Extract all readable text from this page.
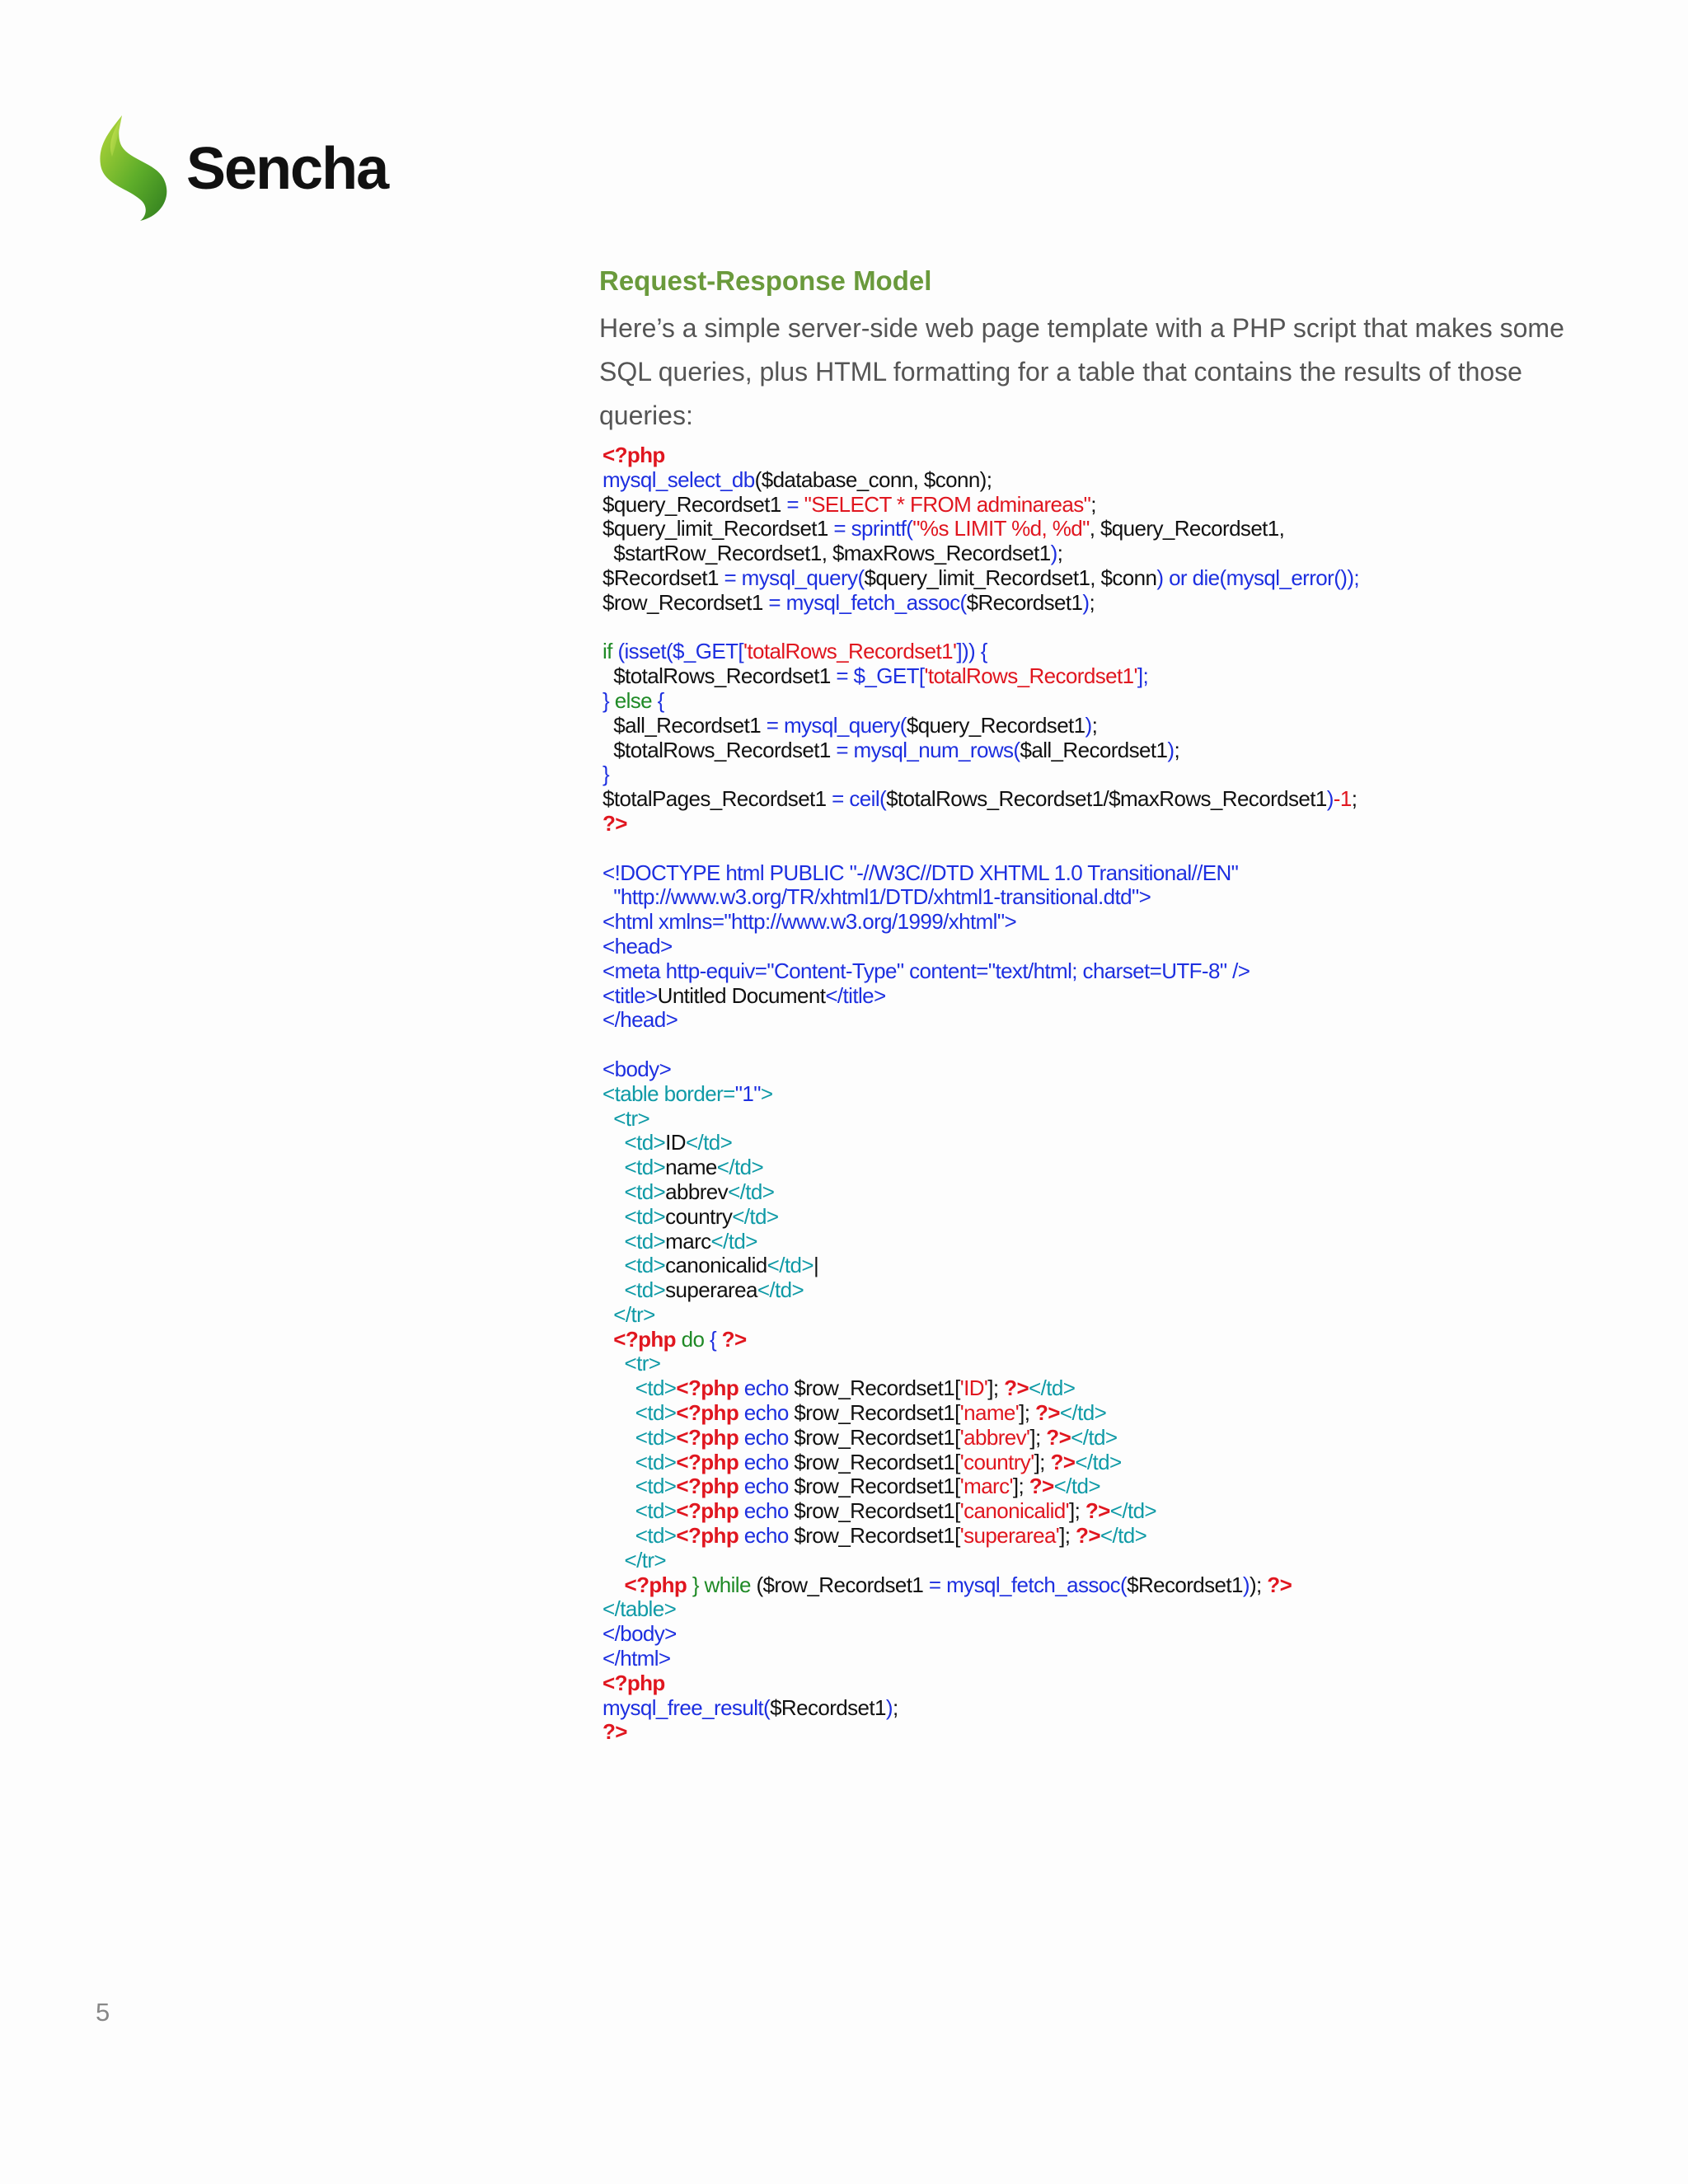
Sencha
Request-Response Model
Here’s a simple server-side web page template with a PHP script that makes some SQL queries, plus HTML formatting for a table that contains the results of those queries:
<?php
mysql_select_db($database_conn, $conn);
$query_Recordset1 = "SELECT * FROM adminareas";
$query_limit_Recordset1 = sprintf("%s LIMIT %d, %d", $query_Recordset1,
$startRow_Recordset1, $maxRows_Recordset1);
$Recordset1 = mysql_query($query_limit_Recordset1, $conn) or die(mysql_error());
$row_Recordset1 = mysql_fetch_assoc($Recordset1);
if (isset($_GET['totalRows_Recordset1'])) {
$totalRows_Recordset1 = $_GET['totalRows_Recordset1'];
} else {
$all_Recordset1 = mysql_query($query_Recordset1);
$totalRows_Recordset1 = mysql_num_rows($all_Recordset1);
}
$totalPages_Recordset1 = ceil($totalRows_Recordset1/$maxRows_Recordset1)-1;
?>
<!DOCTYPE html PUBLIC "-//W3C//DTD XHTML 1.0 Transitional//EN"
"http://www.w3.org/TR/xhtml1/DTD/xhtml1-transitional.dtd">
<html xmlns="http://www.w3.org/1999/xhtml">
<head>
<meta http-equiv="Content-Type" content="text/html; charset=UTF-8" />
<title>Untitled Document</title>
</head>
<body>
<table border="1">
<tr>
<td>ID</td>
<td>name</td>
<td>abbrev</td>
<td>country</td>
<td>marc</td>
<td>canonicalid</td>|
<td>superarea</td>
</tr>
<?php do { ?>
<tr>
<td><?php echo $row_Recordset1['ID']; ?></td>
<td><?php echo $row_Recordset1['name']; ?></td>
<td><?php echo $row_Recordset1['abbrev']; ?></td>
<td><?php echo $row_Recordset1['country']; ?></td>
<td><?php echo $row_Recordset1['marc']; ?></td>
<td><?php echo $row_Recordset1['canonicalid']; ?></td>
<td><?php echo $row_Recordset1['superarea']; ?></td>
</tr>
<?php } while ($row_Recordset1 = mysql_fetch_assoc($Recordset1)); ?>
</table>
</body>
</html>
<?php
mysql_free_result($Recordset1);
?>
5
